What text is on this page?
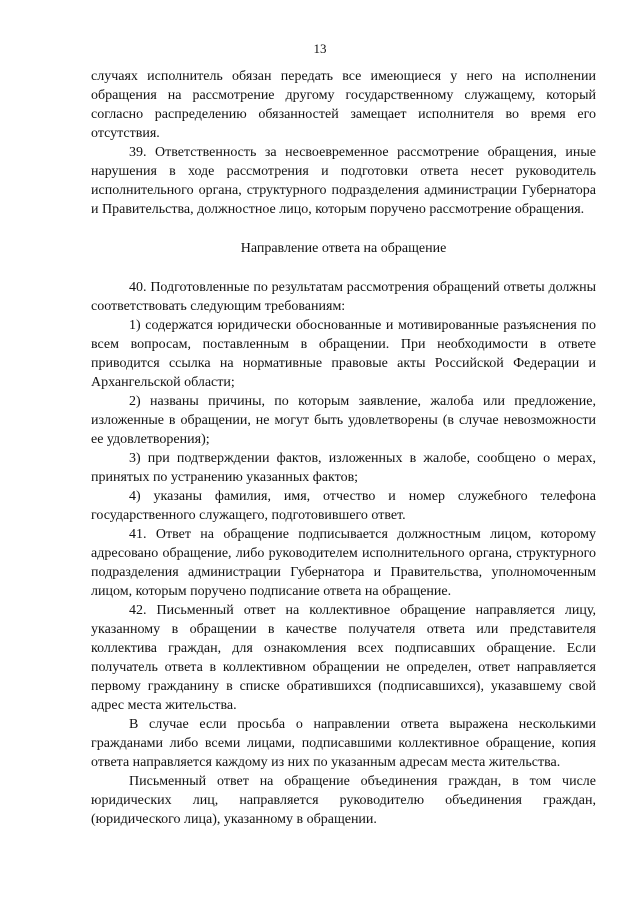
13

случаях исполнитель обязан передать все имеющиеся у него на исполнении обращения на рассмотрение другому государственному служащему, который согласно распределению обязанностей замещает исполнителя во время его отсутствия.

39. Ответственность за несвоевременное рассмотрение обращения, иные нарушения в ходе рассмотрения и подготовки ответа несет руководитель исполнительного органа, структурного подразделения администрации Губернатора и Правительства, должностное лицо, которым поручено рассмотрение обращения.

Направление ответа на обращение

40. Подготовленные по результатам рассмотрения обращений ответы должны соответствовать следующим требованиям:

1) содержатся юридически обоснованные и мотивированные разъяснения по всем вопросам, поставленным в обращении. При необходимости в ответе приводится ссылка на нормативные правовые акты Российской Федерации и Архангельской области;

2) названы причины, по которым заявление, жалоба или предложение, изложенные в обращении, не могут быть удовлетворены (в случае невозможности ее удовлетворения);

3) при подтверждении фактов, изложенных в жалобе, сообщено о мерах, принятых по устранению указанных фактов;

4) указаны фамилия, имя, отчество и номер служебного телефона государственного служащего, подготовившего ответ.

41. Ответ на обращение подписывается должностным лицом, которому адресовано обращение, либо руководителем исполнительного органа, структурного подразделения администрации Губернатора и Правительства, уполномоченным лицом, которым поручено подписание ответа на обращение.

42. Письменный ответ на коллективное обращение направляется лицу, указанному в обращении в качестве получателя ответа или представителя коллектива граждан, для ознакомления всех подписавших обращение. Если получатель ответа в коллективном обращении не определен, ответ направляется первому гражданину в списке обратившихся (подписавшихся), указавшему свой адрес места жительства.

В случае если просьба о направлении ответа выражена несколькими гражданами либо всеми лицами, подписавшими коллективное обращение, копия ответа направляется каждому из них по указанным адресам места жительства.

Письменный ответ на обращение объединения граждан, в том числе юридических лиц, направляется руководителю объединения граждан, (юридического лица), указанному в обращении.
